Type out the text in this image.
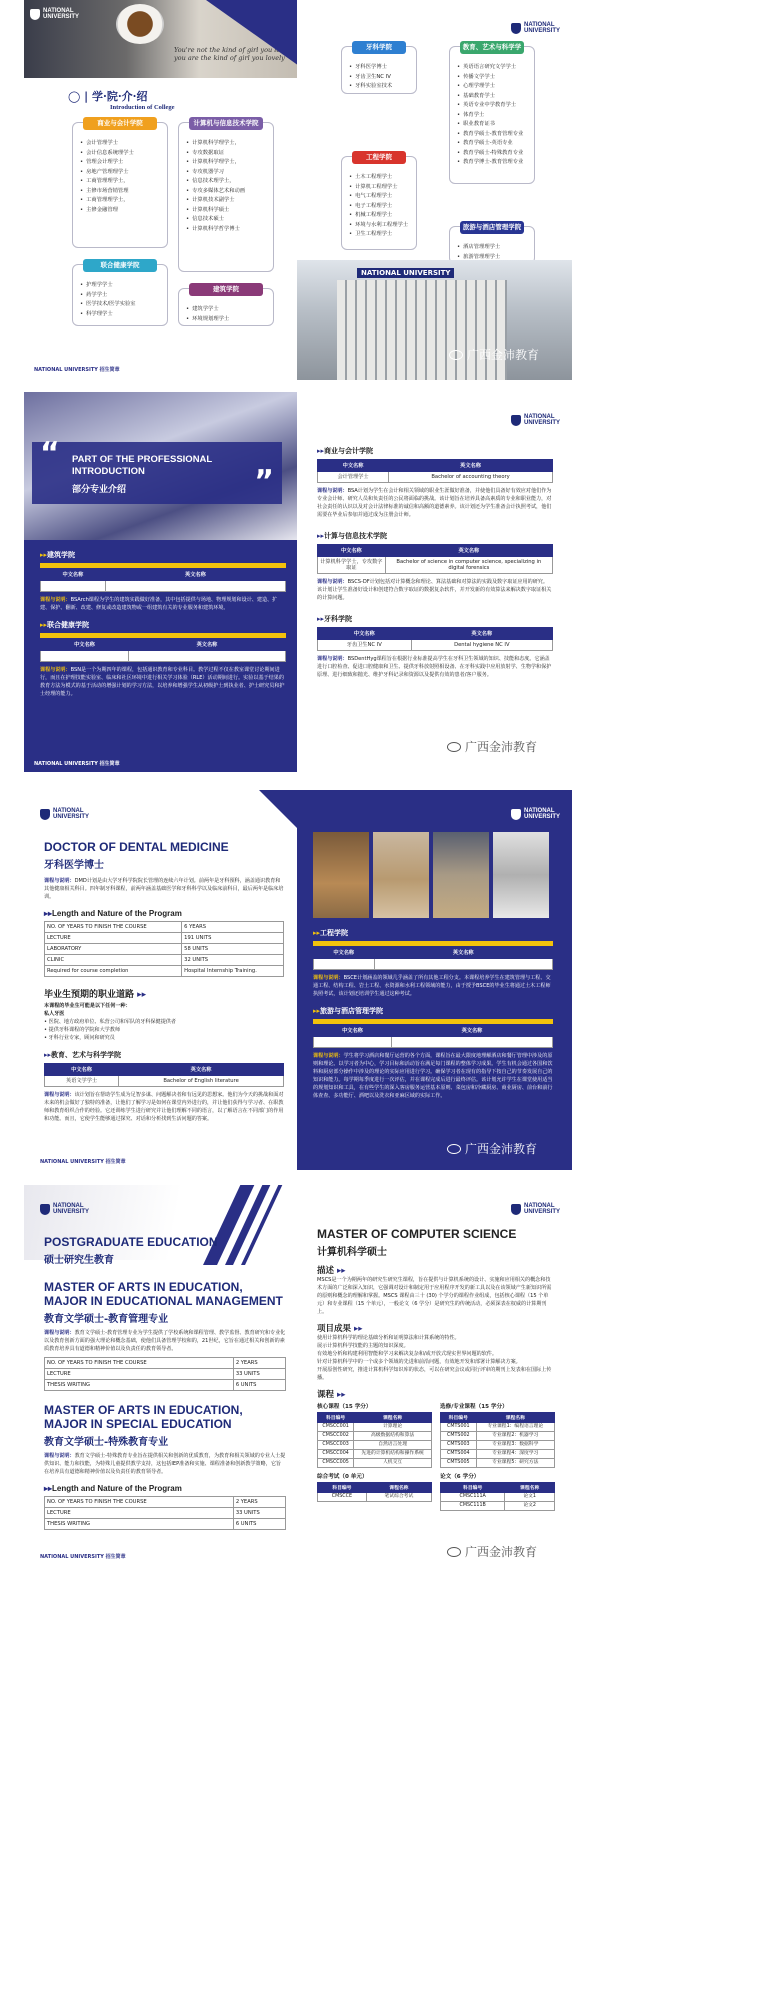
You're not the kind of girl you leave, you are the kind of girl you lovely
NATIONAL UNIVERSITY
◯ | 学·院·介·绍
Introduction of College
商业与会计学院
• 会计管理学士
• 会计信息系统理学士
• 管理会计理学士
• 房地产管理理学士
• 工商管理理学士，
• 主修市场营销管理
• 工商管理理学士，
• 主修金融管理
计算机与信息技术学院
• 计算机科学理学士，
• 专攻数据取证
• 计算机科学理学士，
• 专攻机器学习
• 信息技术理学士，
• 专攻多媒体艺术和动画
• 计算机技术副学士
• 计算机科学硕士
• 信息技术硕士
• 计算机科学哲学博士
联合健康学院
• 护理学学士
• 药学学士
• 医学技术/医学实验室
• 科学理学士
建筑学院
• 建筑学学士
• 环境规划理学士
NATIONAL UNIVERSITY 招生简章
NATIONAL UNIVERSITY
牙科学院
• 牙科医学博士
• 牙齿卫生NC IV
• 牙科实验室技术
教育、艺术与科学学院
• 英语语言研究文学学士
• 传播文学学士
• 心理学理学士
• 基础教育学士
• 英语专业中学教育学士
• 体育学士
• 职业教育证书
• 教育学硕士-教育管理专业
• 教育学硕士-英语专业
• 教育学硕士-特殊教育专业
• 教育学博士-教育管理专业
工程学院
• 土木工程理学士
• 计算机工程理学士
• 电气工程理学士
• 电子工程理学士
• 机械工程理学士
• 环境与水利工程理学士
• 卫生工程理学士
旅游与酒店管理学院
• 酒店管理理学士
• 旅游管理理学士
NATIONAL UNIVERSITY
广西金沛教育
“ PART OF THE PROFESSIONAL INTRODUCTION
部分专业介绍	”
▸▸ 建筑学院
中文名称	英文名称
建筑学学士	Bachelor of architecture theory
课程与说明：BSArch课程为学生的建筑实践做好准备，其中包括提供与场地、物理规划和设计、建造、扩建、保护、翻新、改建、修复或改造建筑物或一组建筑有关的专业服务和建筑环境。
▸▸ 联合健康学院
中文名称	英文名称
护理学学士	bachelor of nursing
课程与说明：BSN是一个为期四年的课程，包括通识教育和专业科目。教学过程不仅在教室课堂讨论期间进行，而且在护理技能实验室、临床和社区环境中进行相关学习体验（RLE）活动期间进行。实验以基于结果的教育方法为模式的基于活动的增强计划的学习方法，以培养和增强学生从初级护士到执业者、护士研究员和护士经理的能力。
NATIONAL UNIVERSITY 招生简章
NATIONAL UNIVERSITY
▸▸ 商业与会计学院
中文名称	英文名称
会计管理学士	Bachelor of accounting theory
课程与说明：BSA计划为学生在会计和相关领域的职业生涯做好准备，并使他们具备好有效应对他们作为专业会计师、研究人员和负责任的公民将面临的挑战。该计划旨在培养具备高素质的专业和职业能力，对社会责任的认识以及对会计法律标准的诚信和高额的道德素养。该计划还为学生准备会计执照考试，他们需要在毕业后参加并通过成为注册会计师。
▸▸ 计算与信息技术学院
中文名称	英文名称
计算机科学学士，专攻数字取证	Bachelor of science in computer science, specializing in digital forensics
课程与说明：BSCS-DF计划包括对计算概念和理论、算法基础和对算法的实践及数字取证应用的研究。该计划让学生准备好设计和创建符合数字取证的数据复杂软件，并开发新的有效算法来解决数字取证相关的计算问题。
▸▸ 牙科学院
中文名称	英文名称
牙齿卫生NC IV	Dental hygiene NC IV
课程与说明：BSDentHyg课程旨在根据行业标准提高学生在牙科卫生领域的知识、技能和态度。它涵盖进行口腔检查、促进口腔健康和卫生、提供牙科放射照相设备、在牙科实践中应用放射学、生物学和保护原理、进行细致和抛光、维护牙科记录和资源以及提供有效的患者/客户服务。
广西金沛教育
NATIONAL UNIVERSITY
DOCTOR OF DENTAL MEDICINE
牙科医学博士
课程与说明：DMD计划是由大学牙科学院院长管理的连续六年计划。前两年是牙科预科，涵盖通识教育和其他健康相关科目。四年制牙科课程，前两年涵盖基础医学和牙科科学以及临床前科目，最后两年是临床培训。
▸▸ Length and Nature of the Program
NO. OF YEARS TO FINISH THE COURSE	6 YEARS
LECTURE	191 UNITS
LABORATORY	58 UNITS
CLINIC	32 UNITS
Required for course completion	Hospital Internship Training.
毕业生预期的职业道路 ▸▸
本课程的毕业生可能是以下任何一种：
私人牙医
• 医院、地方政府单位、私营公司和军队的牙科保健提供者
• 提供牙科课程的学院和大学教师
• 牙科行业专家，顾问和研究员
▸▸ 教育、艺术与科学学院
中文名称	英文名称
英语文学学士	Bachelor of English literature
课程与说明：该计划旨在帮助学生成为足智多谋、问题解决者和有远见的思想家。他们为今天的挑战和面对未来的机会做好了独特的准备，让他们了解学习是如何在课堂内外进行的，并让他们获得与学习者、在职教师和教育组织合作的经验。它还训练学生进行研究并让他们理解不同的语言，以了解语言在不同部门的作用和功能。而且，它使学生能够通过探究、对话和分析找到生活问题的答案。
NATIONAL UNIVERSITY 招生简章
NATIONAL UNIVERSITY
▸▸ 工程学院
中文名称	英文名称
土木工程学士	Bachelor of science in civil engineering
课程与说明：BSCE计划涵盖的领域几乎涵盖了所有其他工程分支。本课程培养学生在建筑管理与工程、交通工程、结构工程、岩土工程、水资源和水利工程领域的能力，由于授予BSCE的毕业生将通过土木工程师执照考试，该计划还培训学生通过这种考试。
▸▸ 旅游与酒店管理学院
中文名称	英文名称
酒店管理理学士	bachelor of hotel management
课程与说明：学生将学习酒店和餐厅运营的各个方面，课程旨在最大限度地理解酒店和餐厅管理中涉及的原则和理论。以学习者为中心，学习目标和活动旨在满足每门课程的整体学习成果。学生有机会通过各国和饮料和厨房部分操作中涉及的理论的实际应用进行学习。确保学习者在现有的指导下按自己的节奏发展自己的知识和能力。每学期每季度进行一次评估，并在课程完成后进行最终评估。该计划允许学生在课堂使用适当的规划知识和工具，在有些学生的深入客房服务运营基本原则、菜包房和冷藏厨房、商业厨房、前台和前行体查查、多功能厅、酒吧以及洗衣和亚麻区域的实际工作。
广西金沛教育
NATIONAL UNIVERSITY
POSTGRADUATE EDUCATION
硕士研究生教育
MASTER OF ARTS IN EDUCATION, MAJOR IN EDUCATIONAL MANAGEMENT
教育文学硕士-教育管理专业
课程与说明：教育文学硕士-教育管理专业为学生提供了学校系统和课程管理、教学监督、教育研究和专业化以及教育创新方面的强大理论和概念基础，使他们具备管理学校和的，21世纪，它旨在通过相关和创新的素质教育培养具有道德和精神价值以及负责任的教育领导者。
NO. OF YEARS TO FINISH THE COURSE	2 YEARS
LECTURE	33 UNITS
THESIS WRITING	6 UNITS
MASTER OF ARTS IN EDUCATION, MAJOR IN SPECIAL EDUCATION
教育文学硕士-特殊教育专业
课程与说明：教育文学硕士-特殊教育专业旨在提供相关和创新的优质教育，为教育和相关领域的专业人士提供知识、能力和技能，为特殊儿童提供教学支持，这包括IEP准备和实施、课程准备和创新教学策略，它旨在培养具有道德和精神价值以及负责任的教育领导者。
▸▸ Length and Nature of the Program
NO. OF YEARS TO FINISH THE COURSE	2 YEARS
LECTURE	33 UNITS
THESIS WRITING	6 UNITS
NATIONAL UNIVERSITY 招生简章
NATIONAL UNIVERSITY
MASTER OF COMPUTER SCIENCE
计算机科学硕士
描述 ▸▸
MSCS是一个为期两年的研究生研究生课程，旨在提供与计算机系统的设计、实施和应用相关的概念和技术方面的广泛和深入知识，它强调对设计和制定用于应用程序开发的新工具以及在该领域产生新知识所需的原则和概念的理解和掌握。MSCS 课程由三十 (30) 个学分的课程作业组成，包括核心课程（15 个单元）和专业课程（15 个单元），一般论文（6 学分）是研究生的传统活动，必须深表在权威的计算期刊上。
项目成果 ▸▸
使用计算机科学的理论基础分析和证明算法和计算系统的特性。
展示计算机科学技能的主题的知识深度。
有效地分析和构建利用智能和学习来解决复杂和/或开放式现实世界问题的软件。
针对计算机科学中的一个或多个领域的先进和前沿问题，有效地开发和部署计算解决方案。
开展原创性研究，推进计算机科学知识库的状态，可以在研究会议或同行评审的期刊上发表和在国际上传播。
课程 ▸▸
核心课程（15 学分）
科目编号	课程名称
CMSCC001	计算理论
CMSCC002	高级数据结构和算法
CMSCC003	自然语言处理
CMSCC004	先进的计算机结构和操作系统
CMSCC005	人机交互
综合考试（0 单元）
科目编号	课程名称
CMSCCE	笔试综合考试
选修/专业课程（15 学分）
科目编号	课程名称
CMTS001	专业课程1：编程语言理论
CMTS002	专业课程2：机器学习
CMTS003	专业课程3：数据科学
CMTS004	专业课程4：深度学习
CMTS005	专业课程5：研究方法
论文（6 学分）
科目编号	课程名称
CMSC111A	论文1
CMSC111B	论文2
广西金沛教育
